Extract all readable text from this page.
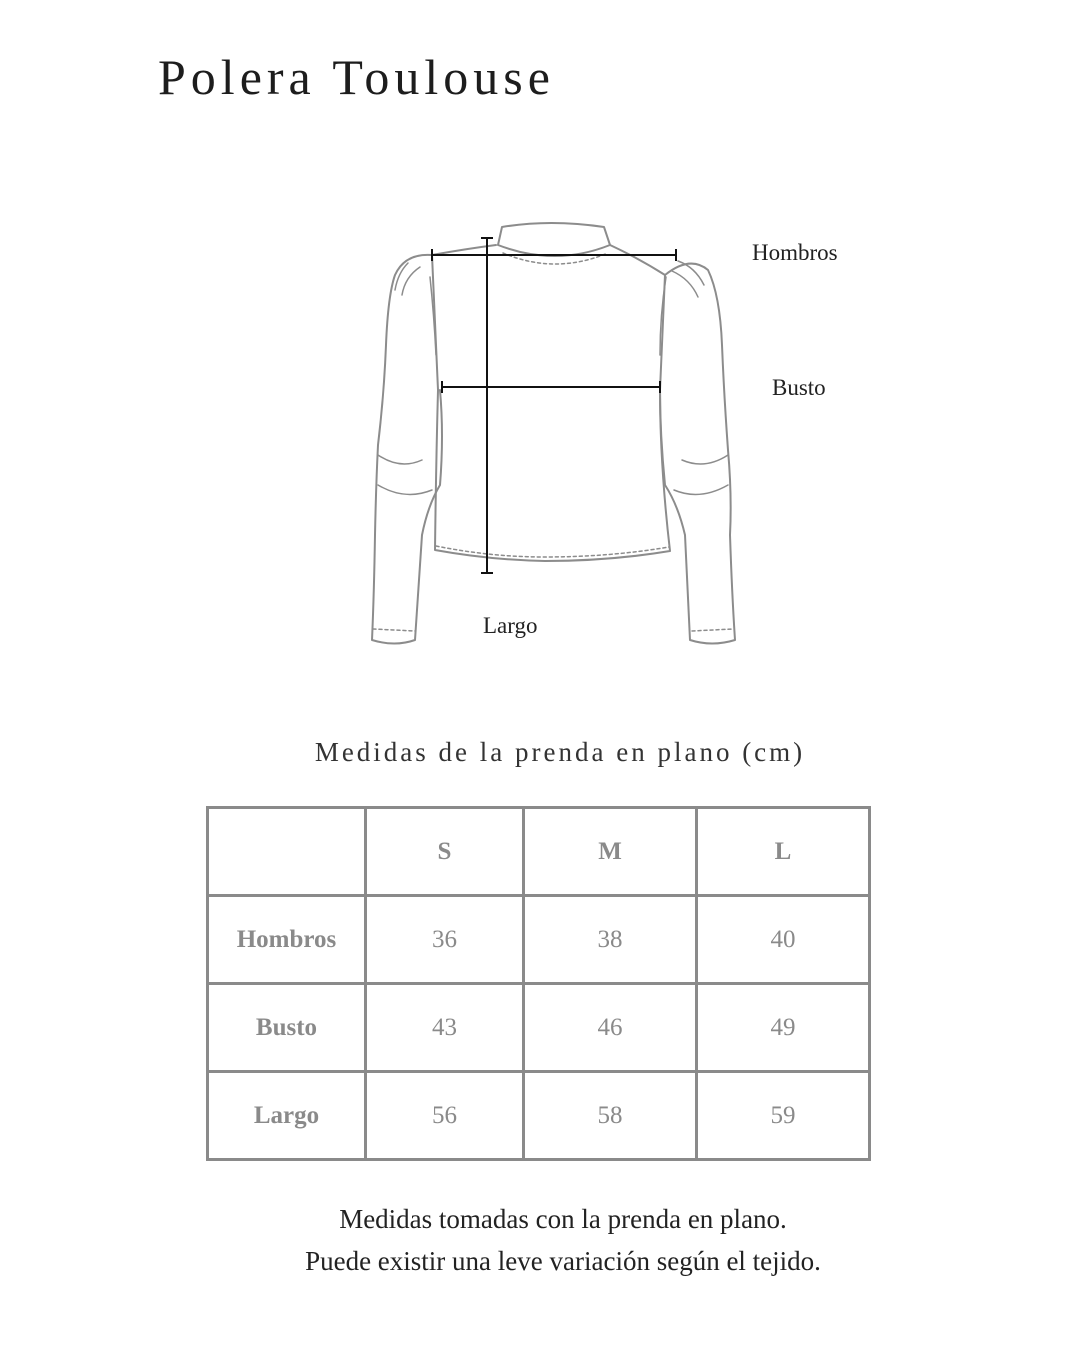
Polera Toulouse
Hombros
Busto
Largo
Medidas de la prenda en plano (cm)
	S	M	L
Hombros	36	38	40
Busto	43	46	49
Largo	56	58	59
Medidas tomadas con la prenda en plano.
Puede existir una leve variación según el tejido.
